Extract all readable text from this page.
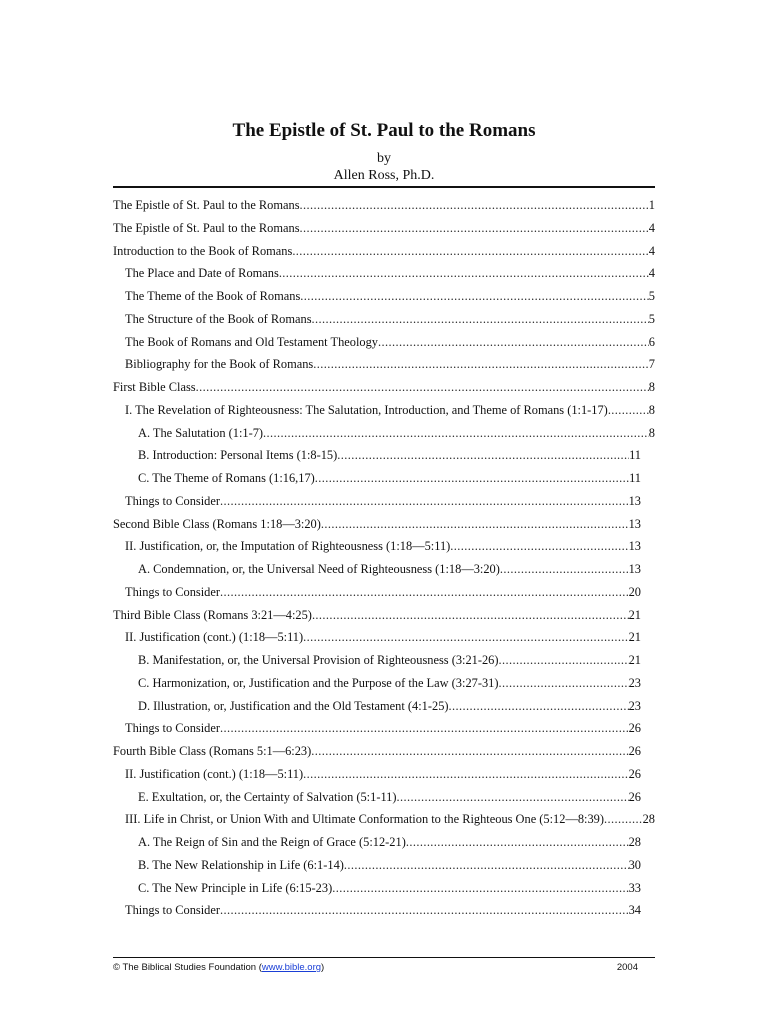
The Epistle of St. Paul to the Romans
by
Allen Ross, Ph.D.
The Epistle of St. Paul to the Romans .....	1
The Epistle of St. Paul to the Romans .....	4
Introduction to the Book of Romans .....	4
The Place and Date of Romans .....	4
The Theme of the Book of Romans .....	5
The Structure of the Book of Romans .....	5
The Book of Romans and Old Testament Theology .....	6
Bibliography for the Book of Romans .....	7
First Bible Class .....	8
I. The Revelation of Righteousness: The Salutation, Introduction, and Theme of Romans (1:1-17) .....	8
A. The Salutation (1:1-7) .....	8
B. Introduction: Personal Items (1:8-15) .....	11
C. The Theme of Romans (1:16,17) .....	11
Things to Consider .....	13
Second Bible Class (Romans 1:18—3:20) .....	13
II. Justification, or, the Imputation of Righteousness (1:18—5:11) .....	13
A. Condemnation, or, the Universal Need of Righteousness (1:18—3:20) .....	13
Things to Consider .....	20
Third Bible Class (Romans 3:21—4:25) .....	21
II. Justification (cont.) (1:18—5:11) .....	21
B. Manifestation, or, the Universal Provision of Righteousness (3:21-26) .....	21
C. Harmonization, or, Justification and the Purpose of the Law (3:27-31) .....	23
D. Illustration, or, Justification and the Old Testament (4:1-25) .....	23
Things to Consider .....	26
Fourth Bible Class (Romans 5:1—6:23) .....	26
II. Justification (cont.) (1:18—5:11) .....	26
E. Exultation, or, the Certainty of Salvation (5:1-11) .....	26
III. Life in Christ, or Union With and Ultimate Conformation to the Righteous One (5:12—8:39) .....	28
A. The Reign of Sin and the Reign of Grace (5:12-21) .....	28
B. The New Relationship in Life (6:1-14) .....	30
C. The New Principle in Life (6:15-23) .....	33
Things to Consider .....	34
© The Biblical Studies Foundation (www.bible.org)	2004
